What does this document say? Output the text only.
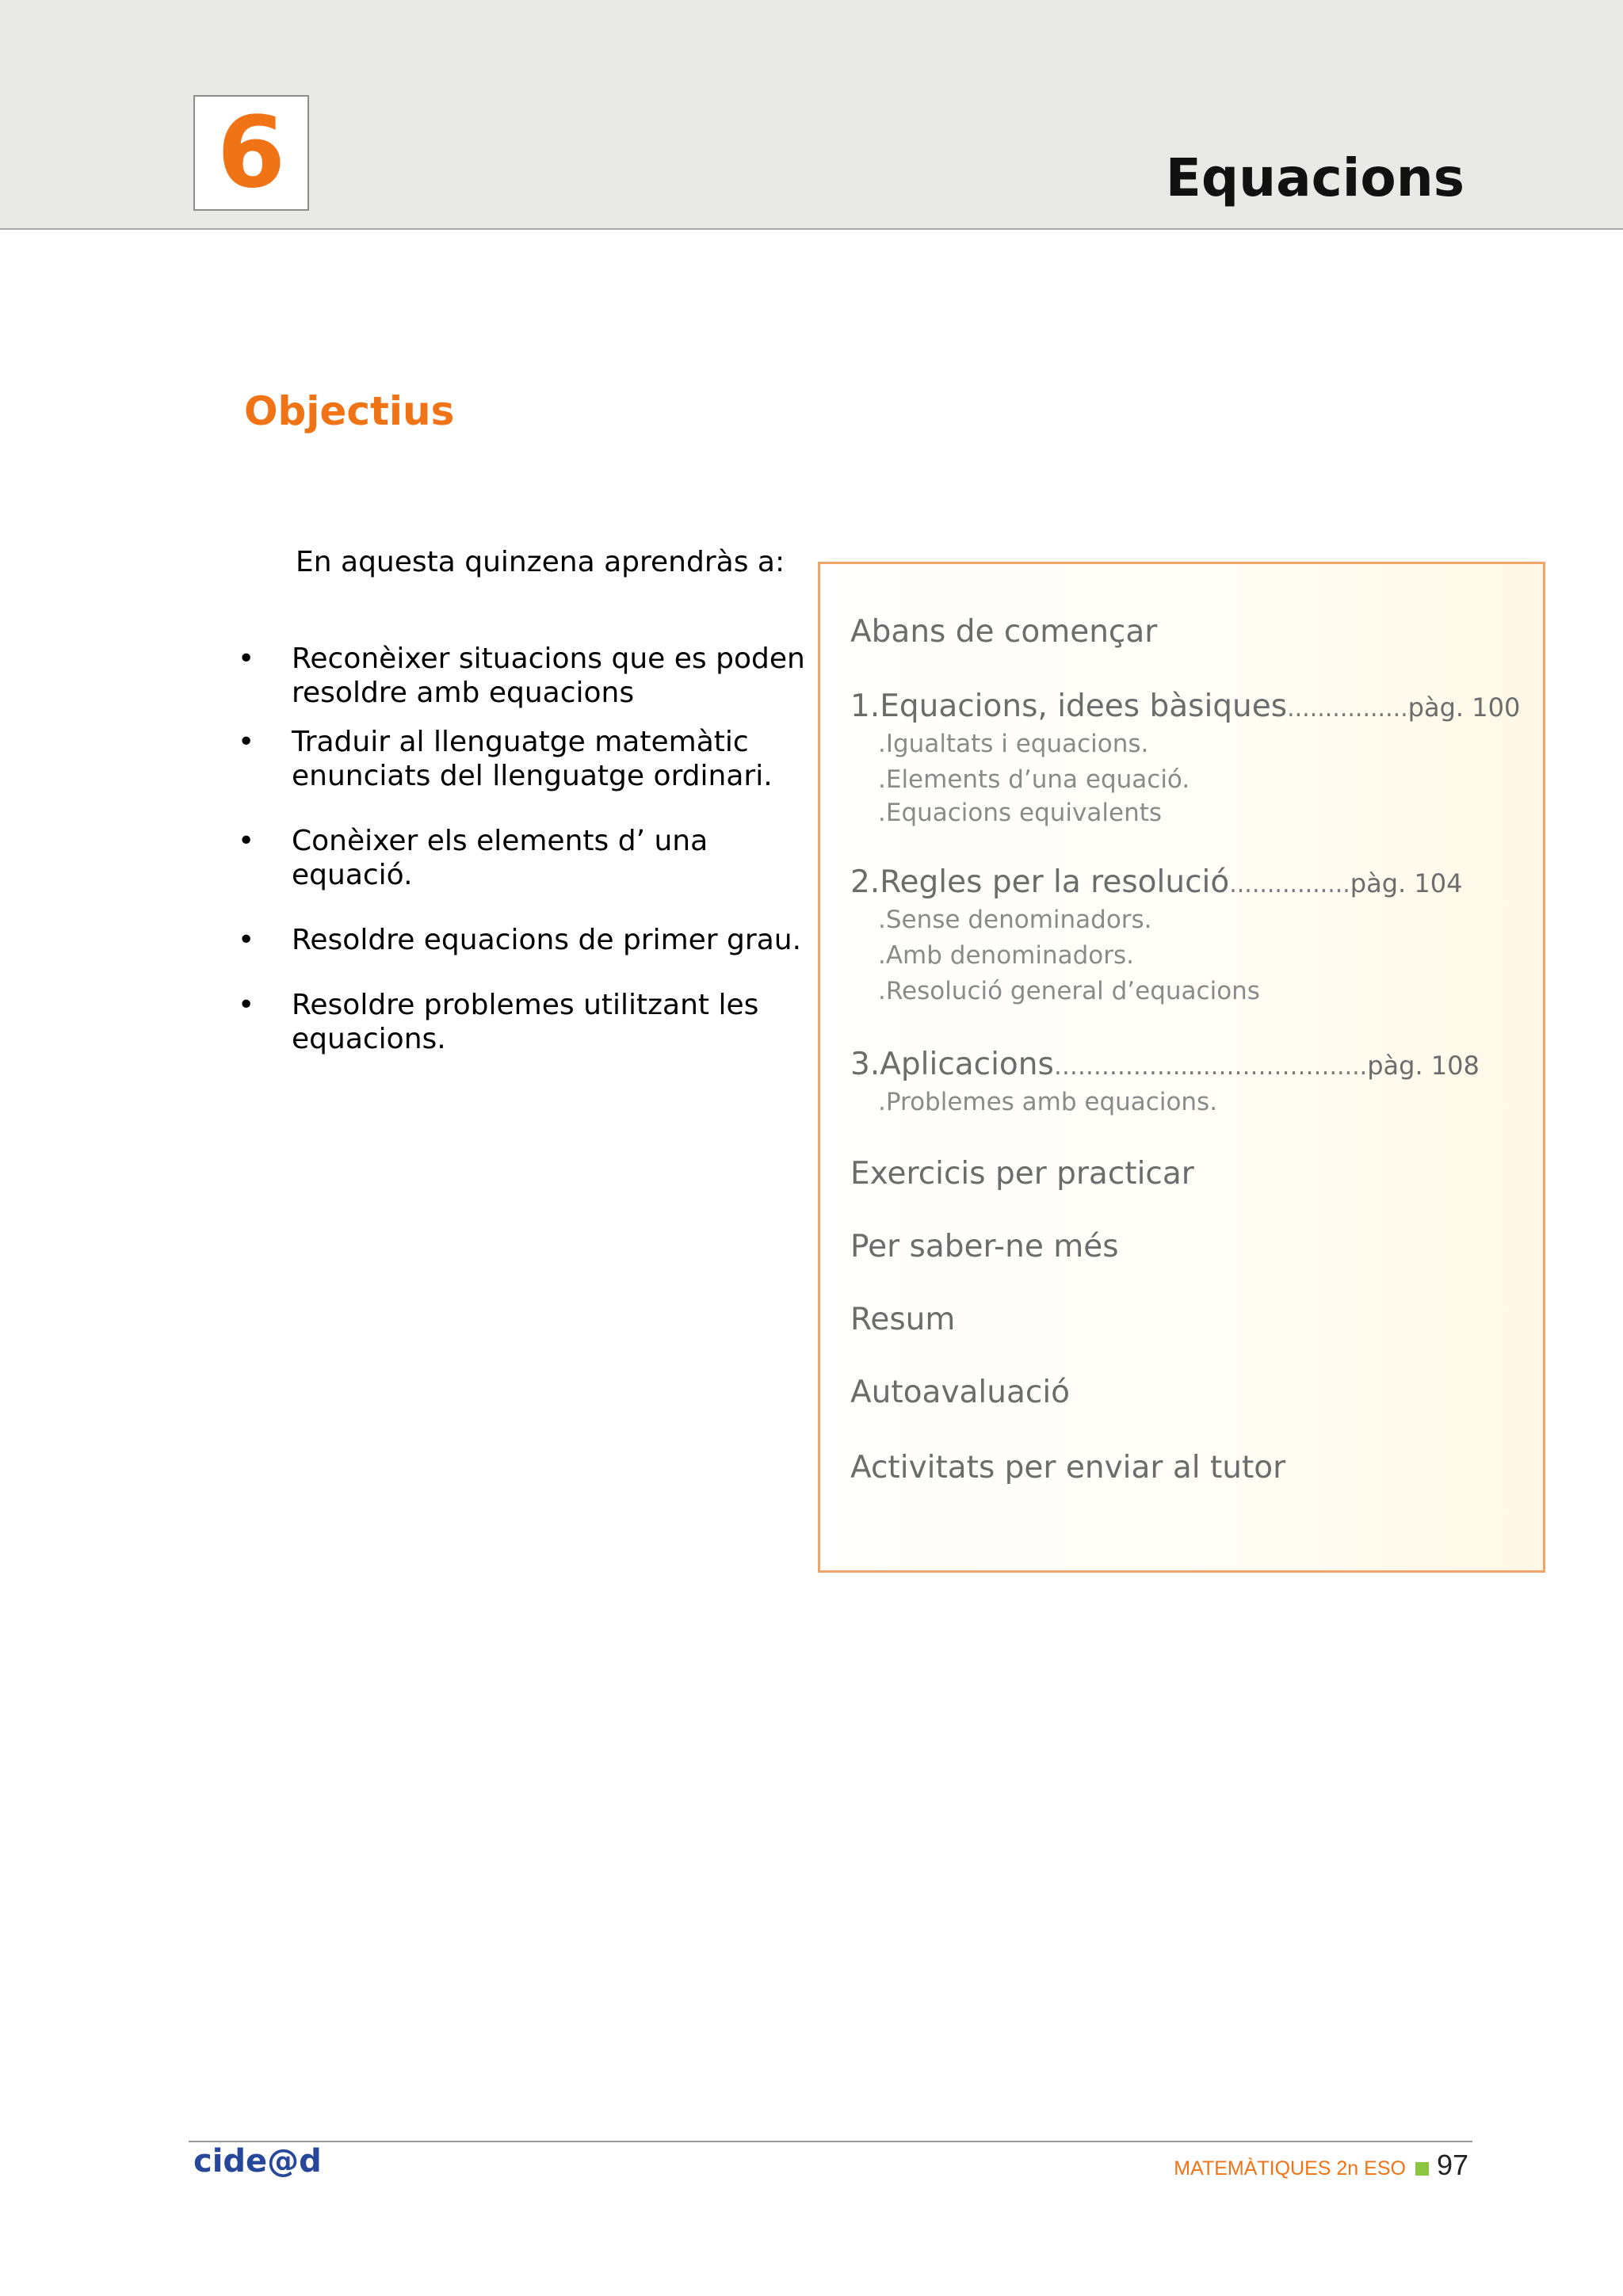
6	Equacions
Objectius
En aquesta quinzena aprendràs a:
• Reconèixer situacions que es poden resoldre amb equacions
• Traduir al llenguatge matemàtic enunciats del llenguatge ordinari.
• Conèixer els elements d’ una equació.
• Resoldre equacions de primer grau.
• Resoldre problemes utilitzant les equacions.
Abans de començar
1.Equacions, idees bàsiques................pàg. 100
.Igualtats i equacions.
.Elements d’una equació.
.Equacions equivalents
2.Regles per la resolució................pàg. 104
.Sense denominadors.
.Amb denominadors.
.Resolució general d’equacions
3.Aplicacions…………….....…………….....pàg. 108
.Problemes amb equacions.
Exercicis per practicar
Per saber-ne més
Resum
Autoavaluació
Activitats per enviar al tutor
cide@d	MATEMÀTIQUES 2n ESO 97
